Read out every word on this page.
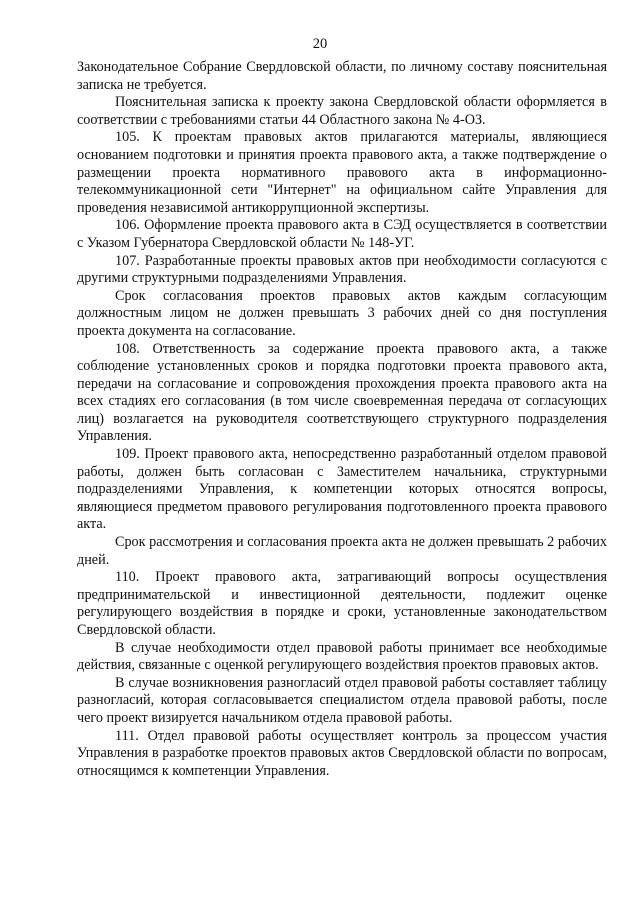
20

Законодательное Собрание Свердловской области, по личному составу пояснительная записка не требуется.

Пояснительная записка к проекту закона Свердловской области оформляется в соответствии с требованиями статьи 44 Областного закона № 4-ОЗ.

105. К проектам правовых актов прилагаются материалы, являющиеся основанием подготовки и принятия проекта правового акта, а также подтверждение о размещении проекта нормативного правового акта в информационно-телекоммуникационной сети "Интернет" на официальном сайте Управления для проведения независимой антикоррупционной экспертизы.

106. Оформление проекта правового акта в СЭД осуществляется в соответствии с Указом Губернатора Свердловской области № 148-УГ.

107. Разработанные проекты правовых актов при необходимости согласуются с другими структурными подразделениями Управления.

Срок согласования проектов правовых актов каждым согласующим должностным лицом не должен превышать 3 рабочих дней со дня поступления проекта документа на согласование.

108. Ответственность за содержание проекта правового акта, а также соблюдение установленных сроков и порядка подготовки проекта правового акта, передачи на согласование и сопровождения прохождения проекта правового акта на всех стадиях его согласования (в том числе своевременная передача от согласующих лиц) возлагается на руководителя соответствующего структурного подразделения Управления.

109. Проект правового акта, непосредственно разработанный отделом правовой работы, должен быть согласован с Заместителем начальника, структурными подразделениями Управления, к компетенции которых относятся вопросы, являющиеся предметом правового регулирования подготовленного проекта правового акта.

Срок рассмотрения и согласования проекта акта не должен превышать 2 рабочих дней.

110. Проект правового акта, затрагивающий вопросы осуществления предпринимательской и инвестиционной деятельности, подлежит оценке регулирующего воздействия в порядке и сроки, установленные законодательством Свердловской области.

В случае необходимости отдел правовой работы принимает все необходимые действия, связанные с оценкой регулирующего воздействия проектов правовых актов.

В случае возникновения разногласий отдел правовой работы составляет таблицу разногласий, которая согласовывается специалистом отдела правовой работы, после чего проект визируется начальником отдела правовой работы.

111. Отдел правовой работы осуществляет контроль за процессом участия Управления в разработке проектов правовых актов Свердловской области по вопросам, относящимся к компетенции Управления.
